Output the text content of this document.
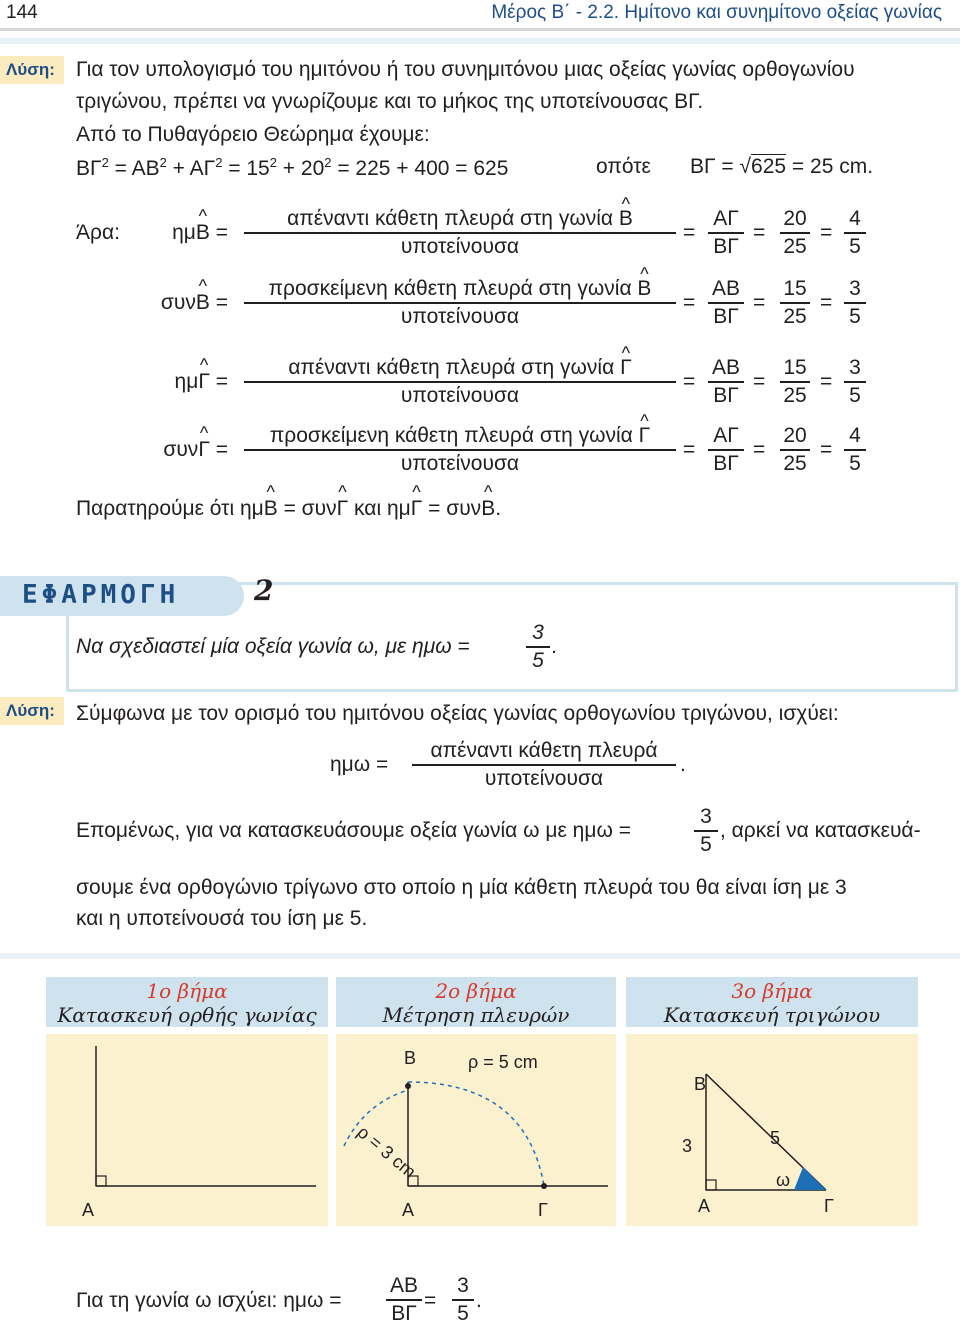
144	Μέρος Β΄ - 2.2. Ημίτονο και συνημίτονο οξείας γωνίας
Λύση:	Για τον υπολογισμό του ημιτόνου ή του συνημιτόνου μιας οξείας γωνίας ορθογωνίου
τριγώνου, πρέπει να γνωρίζουμε και το μήκος της υποτείνουσας ΒΓ.
Από το Πυθαγόρειο Θεώρημα έχουμε:
$B\Gamma^2 = AB^2 + A\Gamma^2 = 15^2 + 20^2 = 225 + 400 = 625$	οπότε ΒΓ = √625 = 25 cm.
Άρα: ημ^ Β =
απέναντι κάθετη πλευρά στη γωνία ^ Β
υποτείνουσα
=
ΑΓ
ΒΓ
=
20
25
=
4
5
συν^ Β =
προσκείμενη κάθετη πλευρά στη γωνία ^ Β
υποτείνουσα
=
ΑΒ
ΒΓ
=
15
25
=
3
5
ημ^ Γ =
απέναντι κάθετη πλευρά στη γωνία ^ Γ
υποτείνουσα
=
ΑΒ
ΒΓ
=
15
25
=
3
5
συν^ Γ =
προσκείμενη κάθετη πλευρά στη γωνία ^ Γ
υποτείνουσα
=
ΑΓ
ΒΓ
=
20
25
=
4
5
Παρατηρούμε ότι ημ^ Β = συν^ Γ και ημ^ Γ = συν^ Β.
ΕΦΑΡΜΟΓΗ	2
Να σχεδιαστεί μία οξεία γωνία ω, με ημω =
3
5
.
Λύση:	Σύμφωνα με τον ορισμό του ημιτόνου οξείας γωνίας ορθογωνίου τριγώνου, ισχύει:
ημω =
απέναντι κάθετη πλευρά
υποτείνουσα
.
Επομένως, για να κατασκευάσουμε οξεία γωνία ω με ημω =
3
5
, αρκεί να κατασκευά-
σουμε ένα ορθογώνιο τρίγωνο στο οποίο η μία κάθετη πλευρά του θα είναι ίση με 3
και η υποτείνουσά του ίση με 5.
1ο βήμα
Κατασκευή ορθής γωνίας
2ο βήμα
Μέτρηση πλευρών
3ο βήμα
Κατασκευή τριγώνου
Α
Β	ρ = 5 cm
ρ = 3 cm
Α	Γ
Β
3	5
ω
Α	Γ
Για τη γωνία ω ισχύει: ημω =
ΑΒ
ΒΓ
=
3
5
.
